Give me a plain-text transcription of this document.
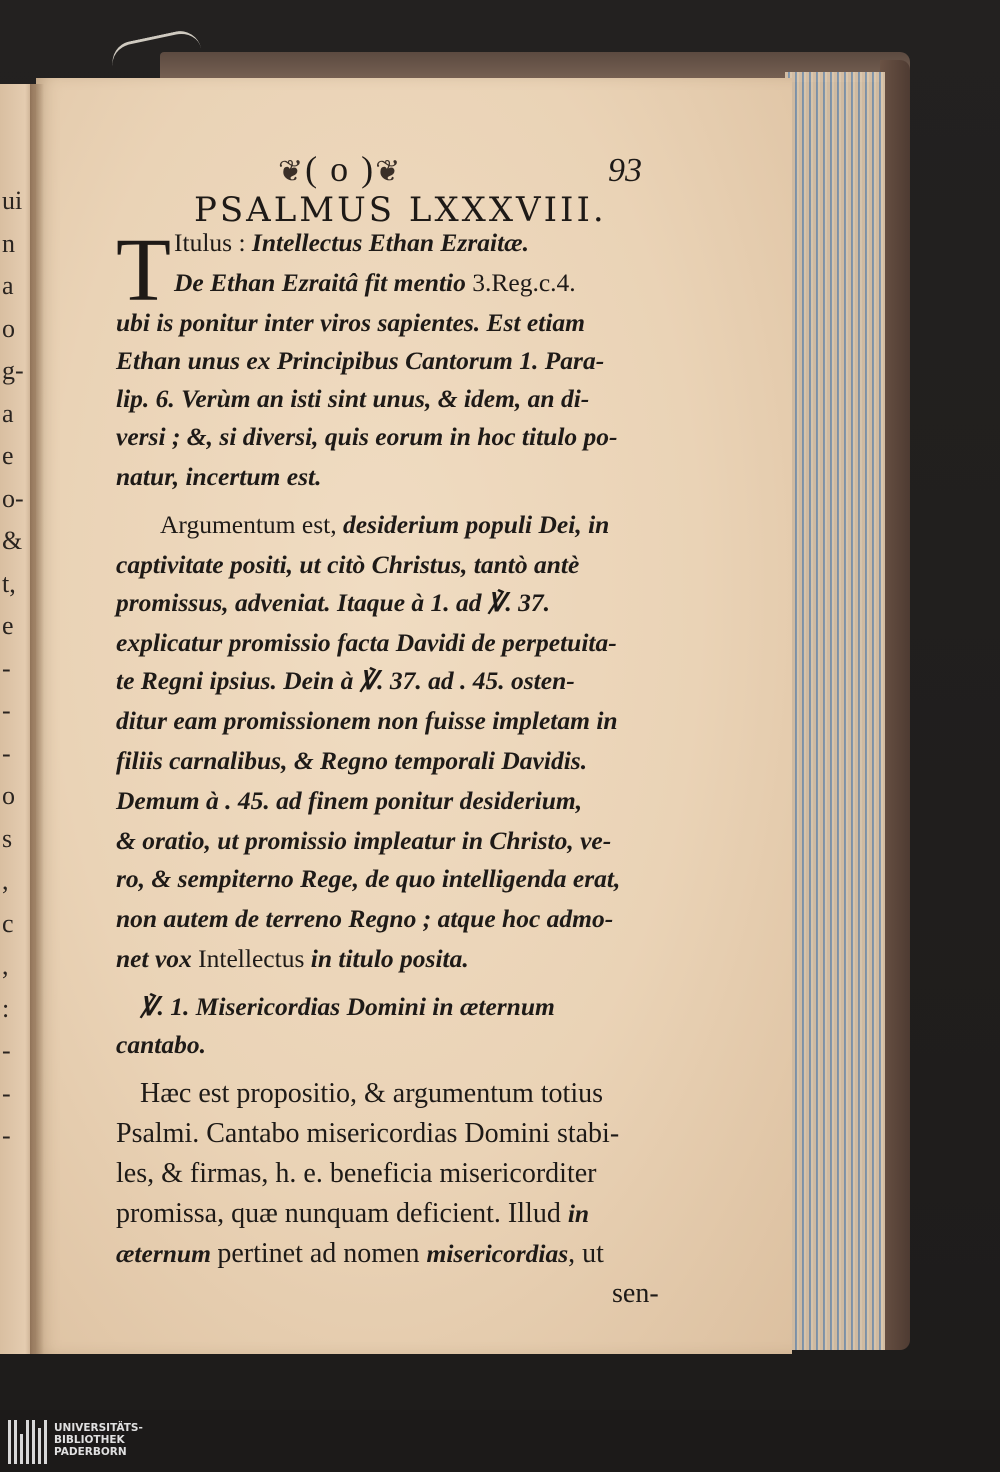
ui
n
a
o
g-
a
e
o-
&
t,
e
-
-
-
o
s
,
c
,
:
-
-
-
❦( o )❦	93
PSALMUS LXXXVIII.
T Itulus : Intellectus Ethan Ezraitæ.
De Ethan Ezraitâ fit mentio 3.Reg.c.4.
ubi is ponitur inter viros sapientes. Est etiam
Ethan unus ex Principibus Cantorum 1. Para-
lip. 6. Verùm an isti sint unus, & idem, an di-
versi ; &, si diversi, quis eorum in hoc titulo po-
natur, incertum est.
Argumentum est, desiderium populi Dei, in
captivitate positi, ut citò Christus, tantò antè
promissus, adveniat. Itaque à 1. ad ℣. 37.
explicatur promissio facta Davidi de perpetuita-
te Regni ipsius. Dein à ℣. 37. ad . 45. osten-
ditur eam promissionem non fuisse impletam in
filiis carnalibus, & Regno temporali Davidis.
Demum à . 45. ad finem ponitur desiderium,
& oratio, ut promissio impleatur in Christo, ve-
ro, & sempiterno Rege, de quo intelligenda erat,
non autem de terreno Regno ; atque hoc admo-
net vox Intellectus in titulo posita.
℣. 1. Misericordias Domini in æternum
cantabo.
Hæc est propositio, & argumentum totius
Psalmi. Cantabo misericordias Domini stabi-
les, & firmas, h. e. beneficia misericorditer
promissa, quæ nunquam deficient. Illud in
æternum pertinet ad nomen misericordias, ut
sen-
UNIVERSITÄTS-
BIBLIOTHEK
PADERBORN
